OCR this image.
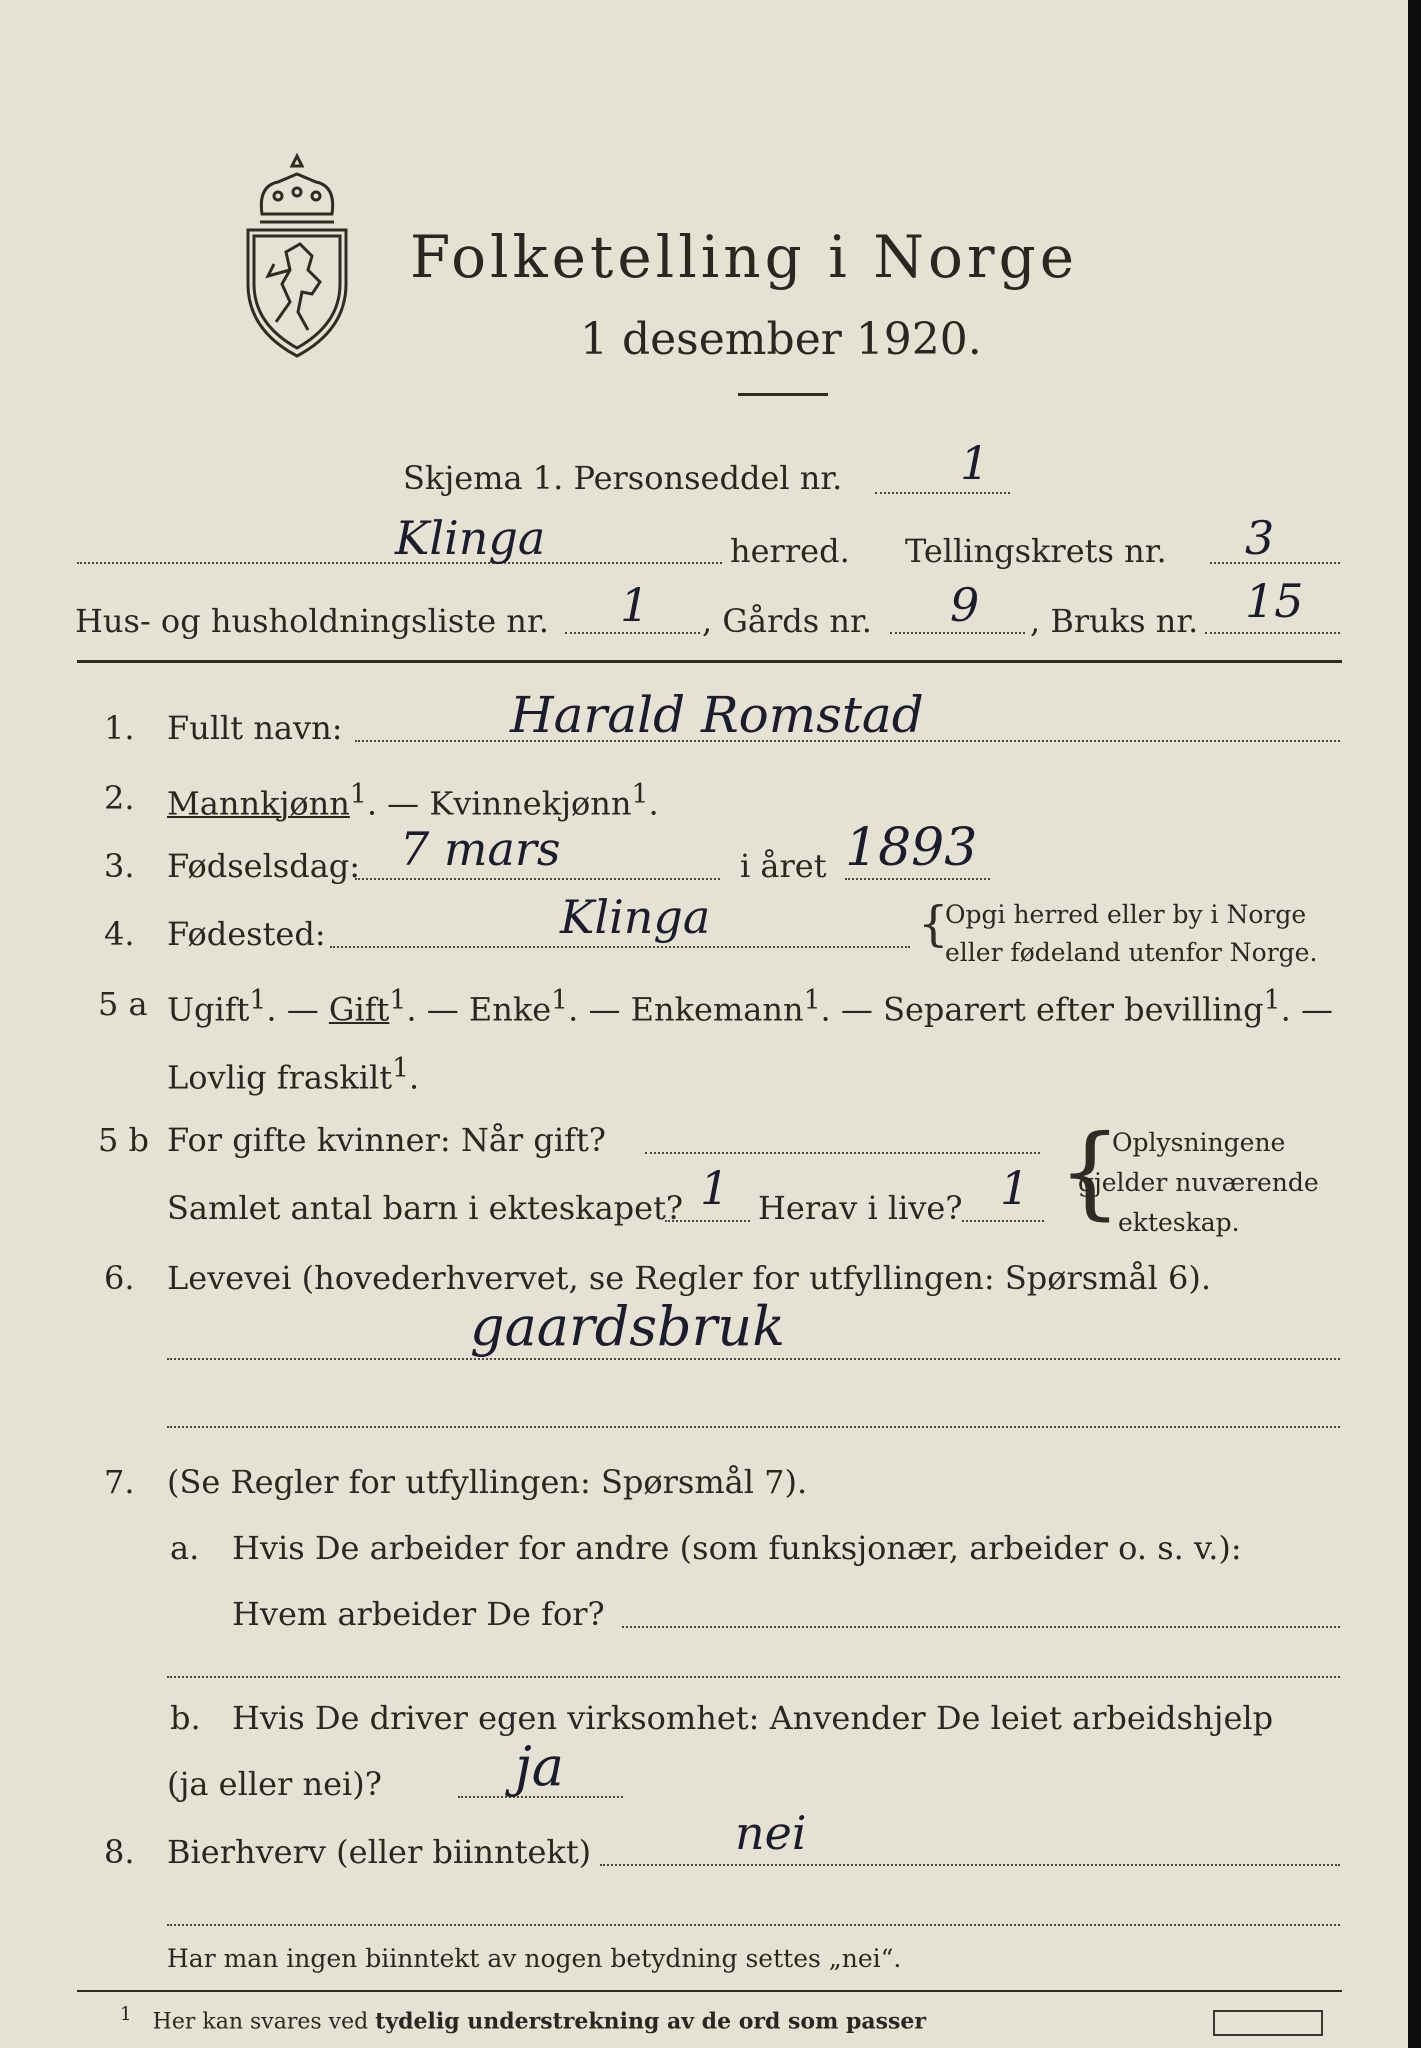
Folketelling i Norge
1 desember 1920.
Skjema 1. Personseddel nr.	1
Klinga	herred. Tellingskrets nr. 3
Hus- og husholdningsliste nr. 1 , Gårds nr. 9 , Bruks nr. 15
1. Fullt navn:	Harald Romstad
2. Mannkjønn$^1$. — Kvinnekjønn$^1$.
3. Fødselsdag: 7 mars	i året 1893
4. Fødested:	Klinga	{
Opgi herred eller by i Norge
eller fødeland utenfor Norge.
5 a Ugift$^1$. — Gift$^1$. — Enke$^1$. — Enkemann$^1$. — Separert efter bevilling$^1$. —
Lovlig fraskilt$^1$.
5 b For gifte kvinner: Når gift?
Samlet antal barn i ekteskapet? 1 Herav i live? 1 {
Oplysningene
gjelder nuværende
ekteskap.
6. Levevei (hovederhvervet, se Regler for utfyllingen: Spørsmål 6).
gaardsbruk
7. (Se Regler for utfyllingen: Spørsmål 7).
a. Hvis De arbeider for andre (som funksjonær, arbeider o. s. v.):
Hvem arbeider De for?
b. Hvis De driver egen virksomhet: Anvender De leiet arbeidshjelp
(ja eller nei)? ja
8. Bierhverv (eller biinntekt)	nei
Har man ingen biinntekt av nogen betydning settes „nei“.
$^1$ Her kan svares ved tydelig understrekning av de ord som passer
